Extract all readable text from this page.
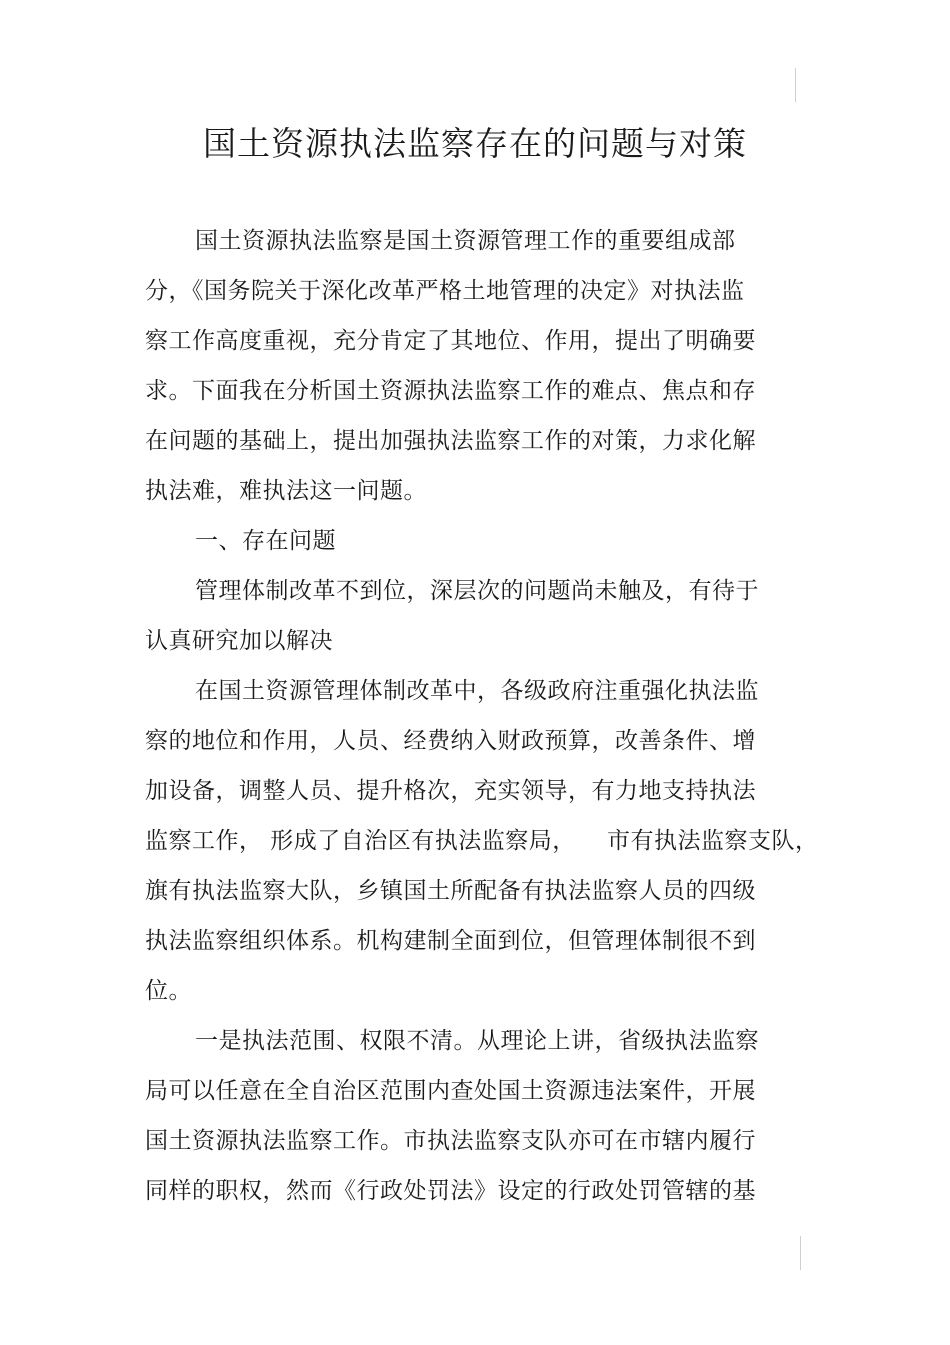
国土资源执法监察存在的问题与对策
国土资源执法监察是国土资源管理工作的重要组成部
分，《国务院关于深化改革严格土地管理的决定》对执法监
察工作高度重视，充分肯定了其地位、作用，提出了明确要
求。下面我在分析国土资源执法监察工作的难点、焦点和存
在问题的基础上，提出加强执法监察工作的对策，力求化解
执法难，难执法这一问题。
一、存在问题
管理体制改革不到位，深层次的问题尚未触及，有待于
认真研究加以解决
在国土资源管理体制改革中，各级政府注重强化执法监
察的地位和作用，人员、经费纳入财政预算，改善条件、增
加设备，调整人员、提升格次，充实领导，有力地支持执法
监察工作， 形成了自治区有执法监察局，    市有执法监察支队，
旗有执法监察大队，乡镇国土所配备有执法监察人员的四级
执法监察组织体系。机构建制全面到位，但管理体制很不到
位。
一是执法范围、权限不清。从理论上讲，省级执法监察
局可以任意在全自治区范围内查处国土资源违法案件，开展
国土资源执法监察工作。市执法监察支队亦可在市辖内履行
同样的职权，然而《行政处罚法》设定的行政处罚管辖的基
